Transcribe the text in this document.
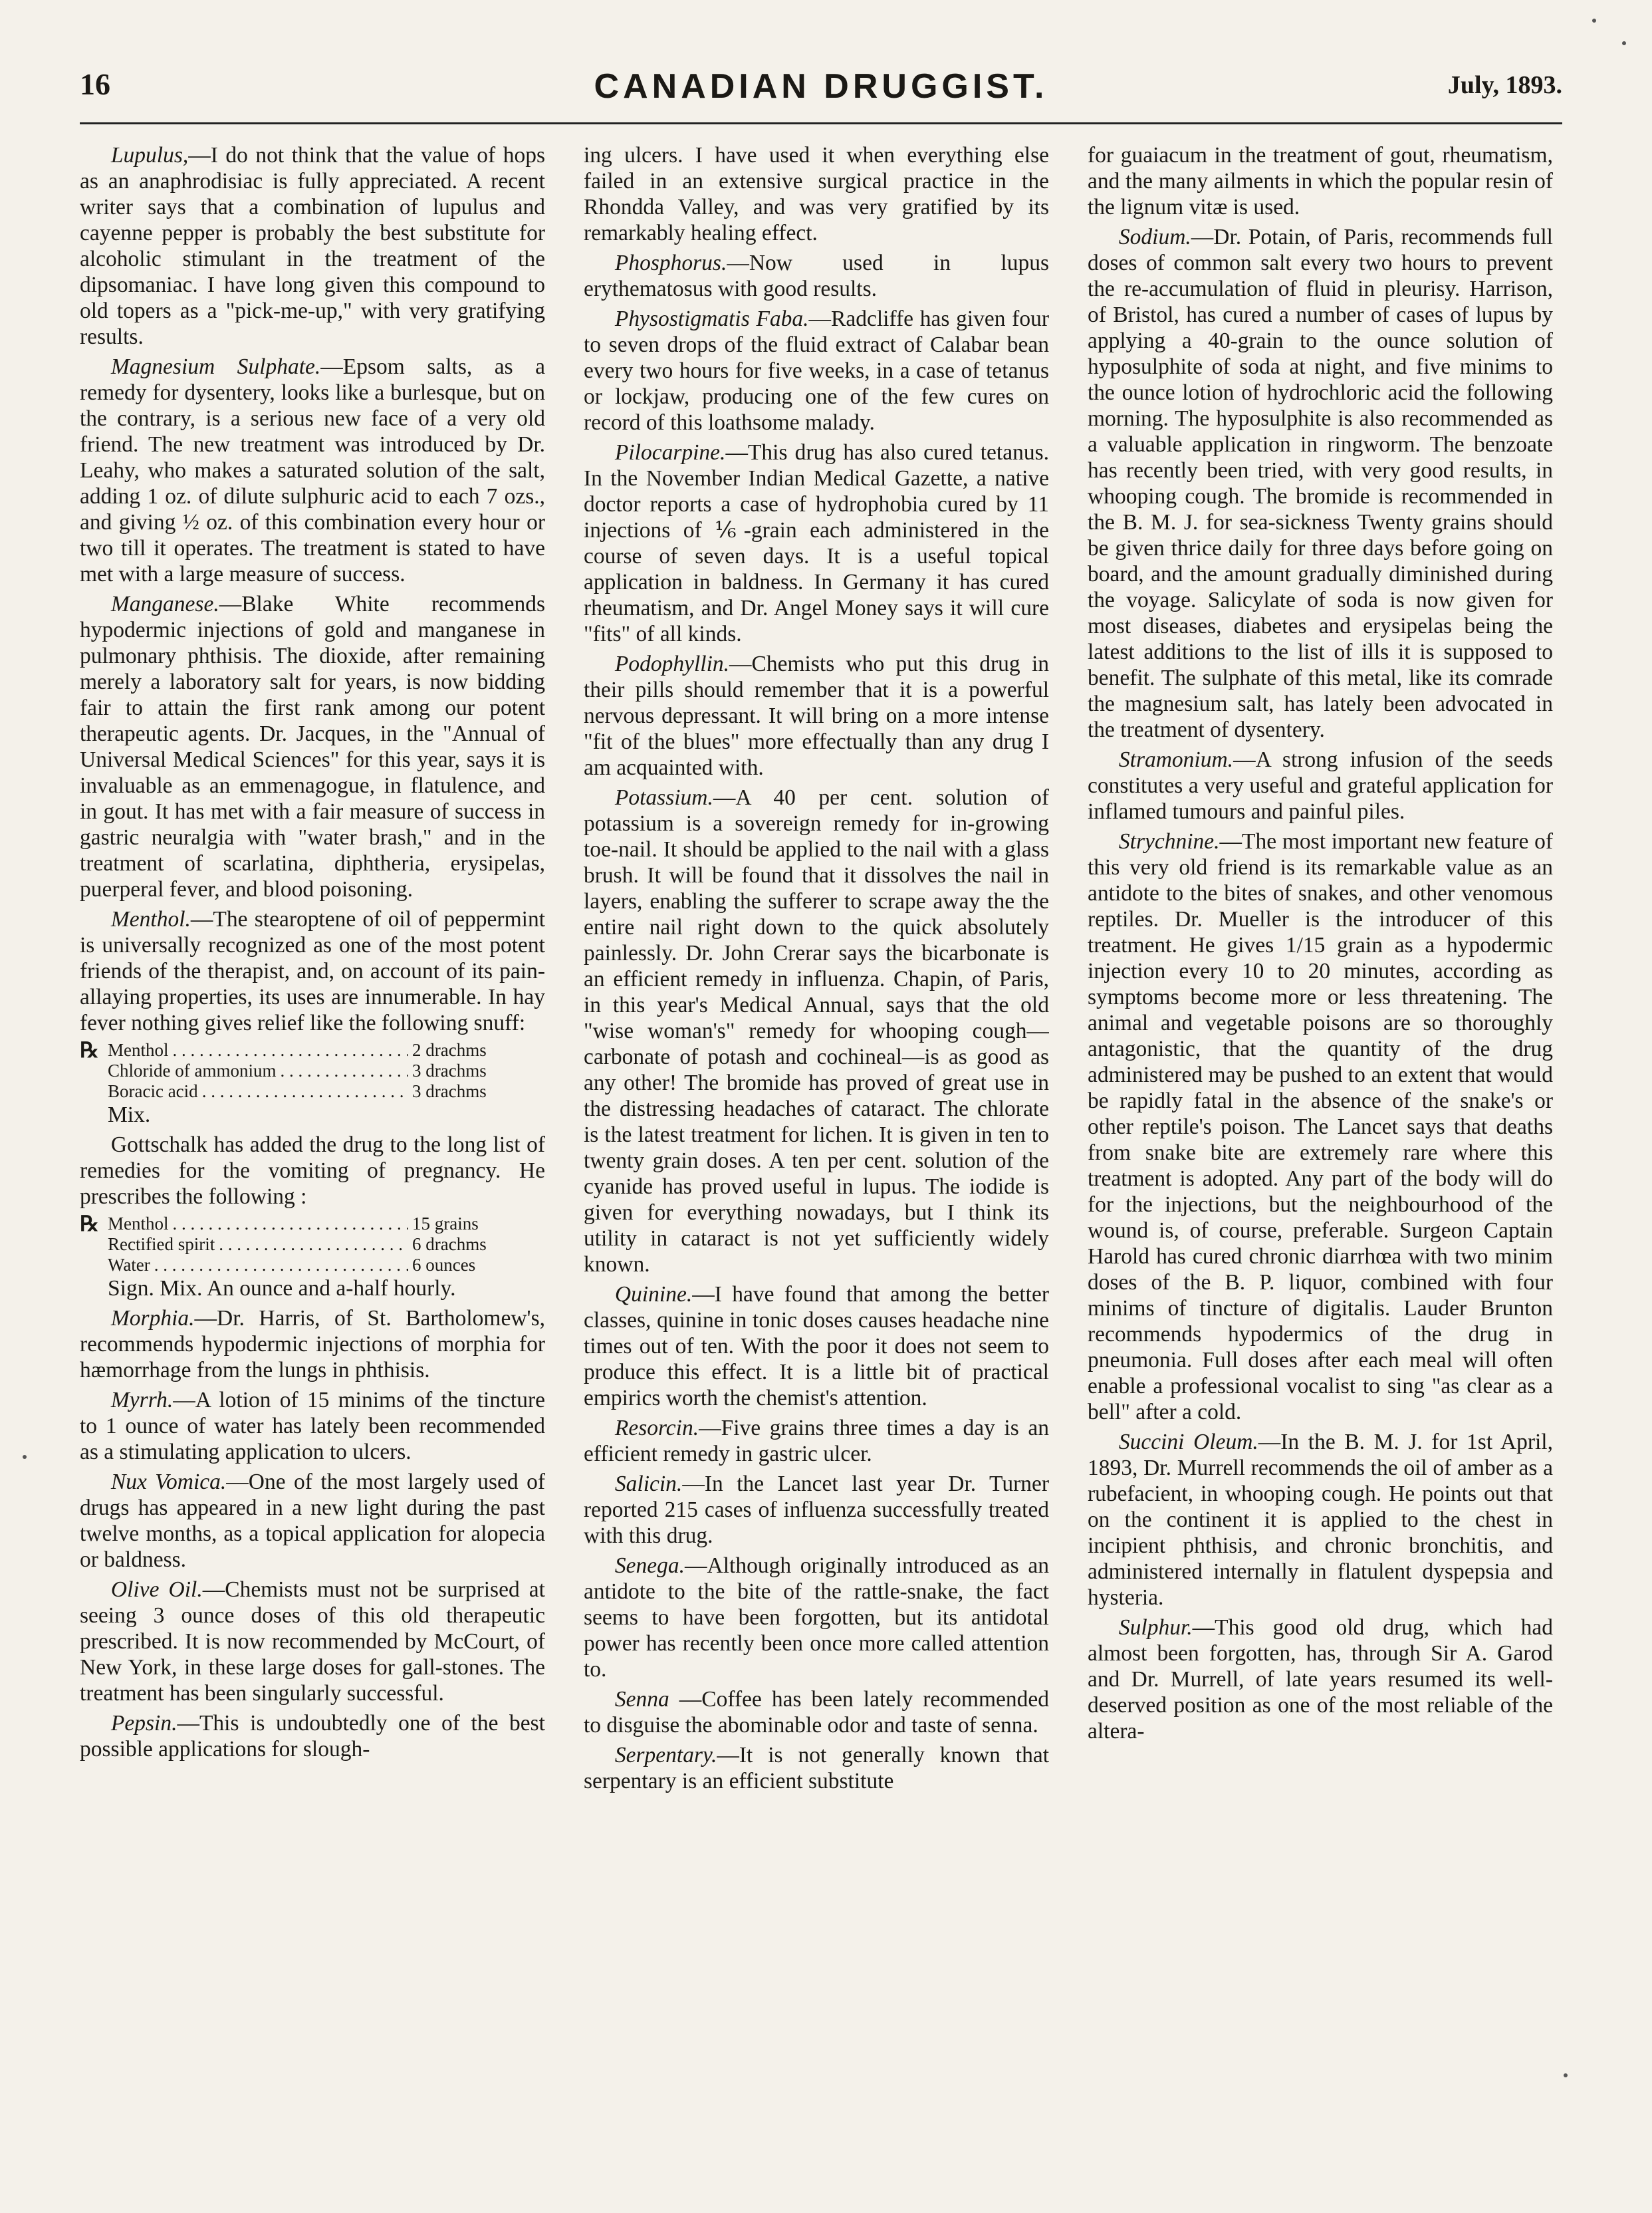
16	CANADIAN DRUGGIST.	July, 1893.

Lupulus,—I do not think that the value of hops as an anaphrodisiac is fully appreciated. A recent writer says that a combination of lupulus and cayenne pepper is probably the best substitute for alcoholic stimulant in the treatment of the dipsomaniac. I have long given this compound to old topers as a "pick-me-up," with very gratifying results.

Magnesium Sulphate.—Epsom salts, as a remedy for dysentery, looks like a burlesque, but on the contrary, is a serious new face of a very old friend. The new treatment was introduced by Dr. Leahy, who makes a saturated solution of the salt, adding 1 oz. of dilute sulphuric acid to each 7 ozs., and giving ½ oz. of this combination every hour or two till it operates. The treatment is stated to have met with a large measure of success.

Manganese.—Blake White recommends hypodermic injections of gold and manganese in pulmonary phthisis. The dioxide, after remaining merely a laboratory salt for years, is now bidding fair to attain the first rank among our potent therapeutic agents. Dr. Jacques, in the "Annual of Universal Medical Sciences" for this year, says it is invaluable as an emmenagogue, in flatulence, and in gout. It has met with a fair measure of success in gastric neuralgia with "water brash," and in the treatment of scarlatina, diphtheria, erysipelas, puerperal fever, and blood poisoning.

Menthol.—The stearoptene of oil of peppermint is universally recognized as one of the most potent friends of the therapist, and, on account of its pain-allaying properties, its uses are innumerable. In hay fever nothing gives relief like the following snuff:

℞ Menthol . . .	2 drachms
Chloride of ammonium . . .	3 drachms
Boracic acid . . .	3 drachms
Mix.

Gottschalk has added the drug to the long list of remedies for the vomiting of pregnancy. He prescribes the following :

℞ Menthol . . .	15 grains
Rectified spirit . . .	6 drachms
Water . . .	6 ounces
Sign. Mix. An ounce and a-half hourly.

Morphia.—Dr. Harris, of St. Bartholomew's, recommends hypodermic injections of morphia for hæmorrhage from the lungs in phthisis.

Myrrh.—A lotion of 15 minims of the tincture to 1 ounce of water has lately been recommended as a stimulating application to ulcers.

Nux Vomica.—One of the most largely used of drugs has appeared in a new light during the past twelve months, as a topical application for alopecia or baldness.

Olive Oil.—Chemists must not be surprised at seeing 3 ounce doses of this old therapeutic prescribed. It is now recommended by McCourt, of New York, in these large doses for gall-stones. The treatment has been singularly successful.

Pepsin.—This is undoubtedly one of the best possible applications for slough-

ing ulcers. I have used it when everything else failed in an extensive surgical practice in the Rhondda Valley, and was very gratified by its remarkably healing effect.

Phosphorus.—Now used in lupus erythematosus with good results.

Physostigmatis Faba.—Radcliffe has given four to seven drops of the fluid extract of Calabar bean every two hours for five weeks, in a case of tetanus or lockjaw, producing one of the few cures on record of this loathsome malady.

Pilocarpine.—This drug has also cured tetanus. In the November Indian Medical Gazette, a native doctor reports a case of hydrophobia cured by 11 injections of ⅙-grain each administered in the course of seven days. It is a useful topical application in baldness. In Germany it has cured rheumatism, and Dr. Angel Money says it will cure "fits" of all kinds.

Podophyllin.—Chemists who put this drug in their pills should remember that it is a powerful nervous depressant. It will bring on a more intense "fit of the blues" more effectually than any drug I am acquainted with.

Potassium.—A 40 per cent. solution of potassium is a sovereign remedy for in-growing toe-nail. It should be applied to the nail with a glass brush. It will be found that it dissolves the nail in layers, enabling the sufferer to scrape away the the entire nail right down to the quick absolutely painlessly. Dr. John Crerar says the bicarbonate is an efficient remedy in influenza. Chapin, of Paris, in this year's Medical Annual, says that the old "wise woman's" remedy for whooping cough—carbonate of potash and cochineal—is as good as any other! The bromide has proved of great use in the distressing headaches of cataract. The chlorate is the latest treatment for lichen. It is given in ten to twenty grain doses. A ten per cent. solution of the cyanide has proved useful in lupus. The iodide is given for everything nowadays, but I think its utility in cataract is not yet sufficiently widely known.

Quinine.—I have found that among the better classes, quinine in tonic doses causes headache nine times out of ten. With the poor it does not seem to produce this effect. It is a little bit of practical empirics worth the chemist's attention.

Resorcin.—Five grains three times a day is an efficient remedy in gastric ulcer.

Salicin.—In the Lancet last year Dr. Turner reported 215 cases of influenza successfully treated with this drug.

Senega.—Although originally introduced as an antidote to the bite of the rattle-snake, the fact seems to have been forgotten, but its antidotal power has recently been once more called attention to.

Senna —Coffee has been lately recommended to disguise the abominable odor and taste of senna.

Serpentary.—It is not generally known that serpentary is an efficient substitute

for guaiacum in the treatment of gout, rheumatism, and the many ailments in which the popular resin of the lignum vitæ is used.

Sodium.—Dr. Potain, of Paris, recommends full doses of common salt every two hours to prevent the re-accumulation of fluid in pleurisy. Harrison, of Bristol, has cured a number of cases of lupus by applying a 40-grain to the ounce solution of hyposulphite of soda at night, and five minims to the ounce lotion of hydrochloric acid the following morning. The hyposulphite is also recommended as a valuable application in ringworm. The benzoate has recently been tried, with very good results, in whooping cough. The bromide is recommended in the B. M. J. for sea-sickness Twenty grains should be given thrice daily for three days before going on board, and the amount gradually diminished during the voyage. Salicylate of soda is now given for most diseases, diabetes and erysipelas being the latest additions to the list of ills it is supposed to benefit. The sulphate of this metal, like its comrade the magnesium salt, has lately been advocated in the treatment of dysentery.

Stramonium.—A strong infusion of the seeds constitutes a very useful and grateful application for inflamed tumours and painful piles.

Strychnine.—The most important new feature of this very old friend is its remarkable value as an antidote to the bites of snakes, and other venomous reptiles. Dr. Mueller is the introducer of this treatment. He gives 1/15 grain as a hypodermic injection every 10 to 20 minutes, according as symptoms become more or less threatening. The animal and vegetable poisons are so thoroughly antagonistic, that the quantity of the drug administered may be pushed to an extent that would be rapidly fatal in the absence of the snake's or other reptile's poison. The Lancet says that deaths from snake bite are extremely rare where this treatment is adopted. Any part of the body will do for the injections, but the neighbourhood of the wound is, of course, preferable. Surgeon Captain Harold has cured chronic diarrhœa with two minim doses of the B. P. liquor, combined with four minims of tincture of digitalis. Lauder Brunton recommends hypodermics of the drug in pneumonia. Full doses after each meal will often enable a professional vocalist to sing "as clear as a bell" after a cold.

Succini Oleum.—In the B. M. J. for 1st April, 1893, Dr. Murrell recommends the oil of amber as a rubefacient, in whooping cough. He points out that on the continent it is applied to the chest in incipient phthisis, and chronic bronchitis, and administered internally in flatulent dyspepsia and hysteria.

Sulphur.—This good old drug, which had almost been forgotten, has, through Sir A. Garod and Dr. Murrell, of late years resumed its well-deserved position as one of the most reliable of the altera-
